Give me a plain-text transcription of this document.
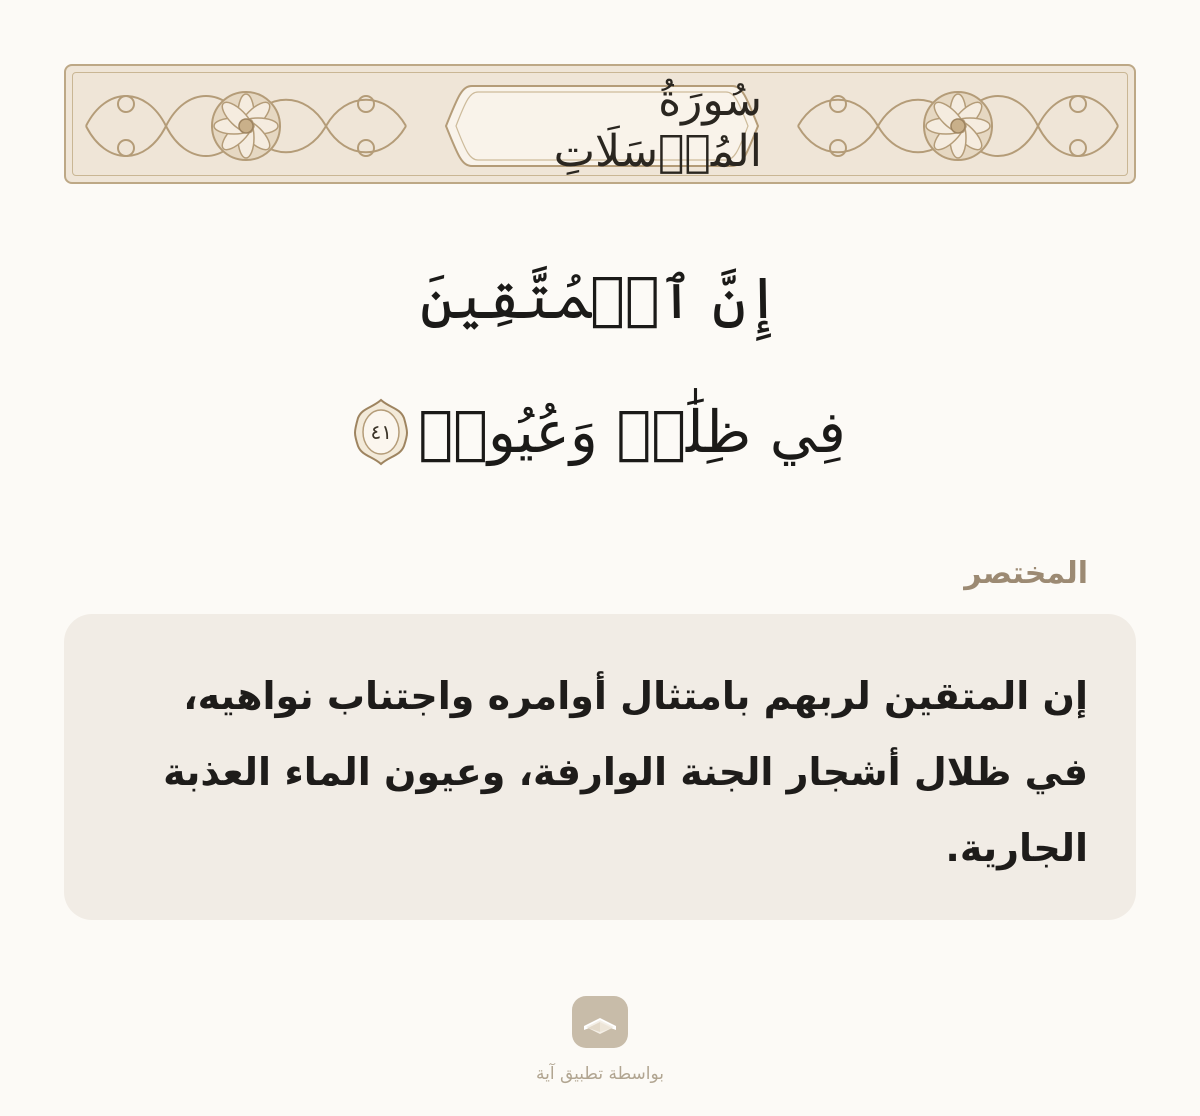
سُورَةُ المُرۡسَلَاتِ
إِنَّ ٱلۡمُتَّقِينَ
فِي ظِلَٰلٖ وَعُيُونٖ
٤١
المختصر
إن المتقين لربهم بامتثال أوامره واجتناب نواهيه، في ظلال أشجار الجنة الوارفة، وعيون الماء العذبة الجارية.
بواسطة تطبيق آية
